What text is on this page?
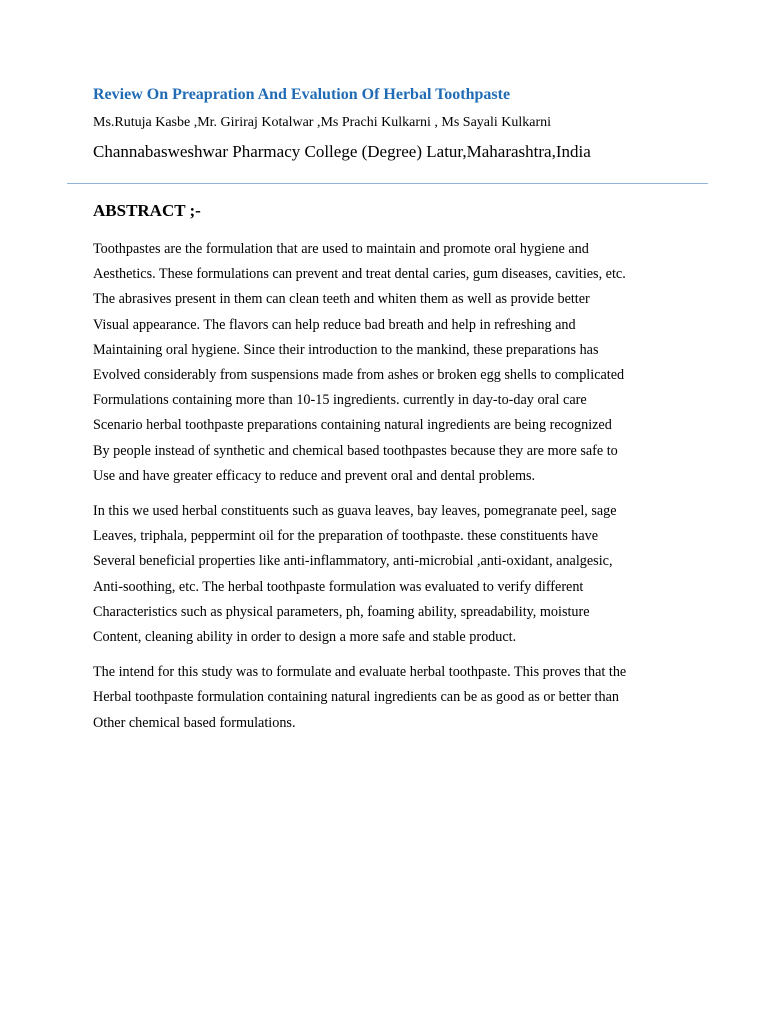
Review On Preapration And Evalution Of Herbal Toothpaste
Ms.Rutuja Kasbe ,Mr. Giriraj Kotalwar ,Ms Prachi Kulkarni , Ms Sayali Kulkarni
Channabasweshwar Pharmacy College (Degree) Latur,Maharashtra,India
ABSTRACT ;-
Toothpastes are the formulation that are used to maintain and promote oral hygiene and
Aesthetics. These formulations can prevent and treat dental caries, gum diseases, cavities, etc.
The abrasives present in them can clean teeth and whiten them as well as provide better
Visual appearance. The flavors can help reduce bad breath and help in refreshing and
Maintaining oral hygiene. Since their introduction to the mankind, these preparations has
Evolved considerably from suspensions made from ashes or broken egg shells to complicated
Formulations containing more than 10-15 ingredients. currently in day-to-day oral care
Scenario herbal toothpaste preparations containing natural ingredients are being recognized
By people instead of synthetic and chemical based toothpastes because they are more safe to
Use and have greater efficacy to reduce and prevent oral and dental problems.
In this we used herbal constituents such as guava leaves, bay leaves, pomegranate peel, sage
Leaves, triphala, peppermint oil for the preparation of toothpaste. these constituents have
Several beneficial properties like anti-inflammatory, anti-microbial ,anti-oxidant, analgesic,
Anti-soothing, etc. The herbal toothpaste formulation was evaluated to verify different
Characteristics such as physical parameters, ph, foaming ability, spreadability, moisture
Content, cleaning ability in order to design a more safe and stable product.
The intend for this study was to formulate and evaluate herbal toothpaste. This proves that the
Herbal toothpaste formulation containing natural ingredients can be as good as or better than
Other chemical based formulations.
